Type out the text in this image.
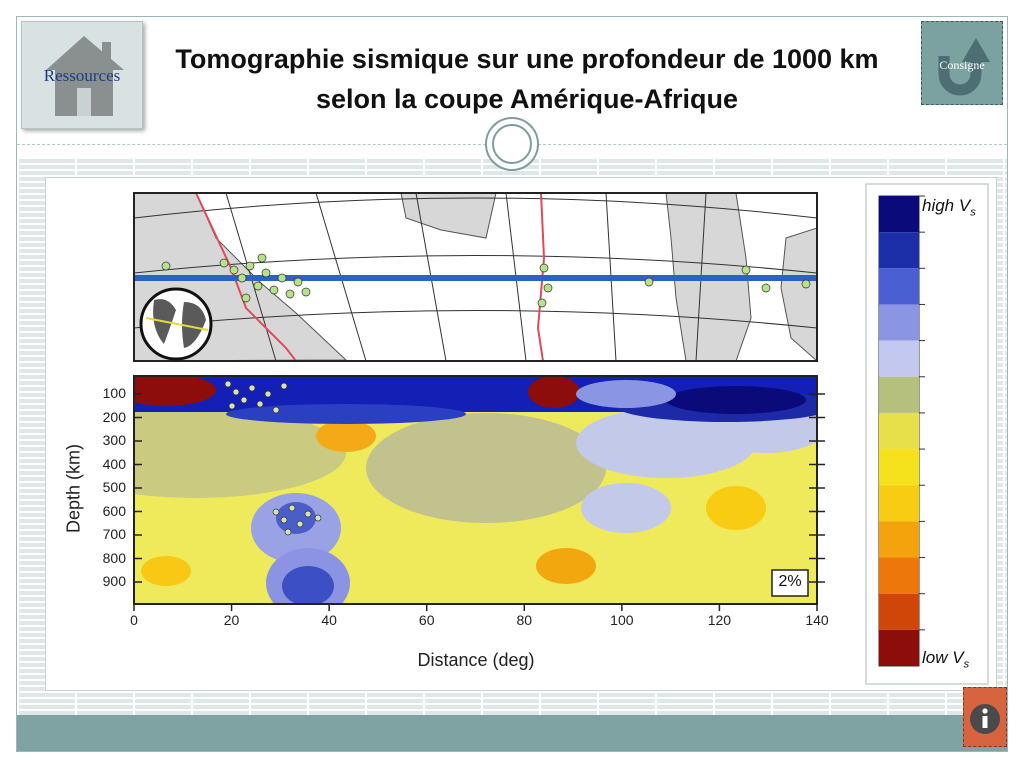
Tomographie sismique sur une profondeur de 1000 km
selon la coupe Amérique-Afrique
Ressources
Consigne
Depth (km)
Distance (deg)
2%
100
200
300
400
500
600
700
800
900
0	20	40	60	80	100	120	140
high $V_s$
low $V_s$
